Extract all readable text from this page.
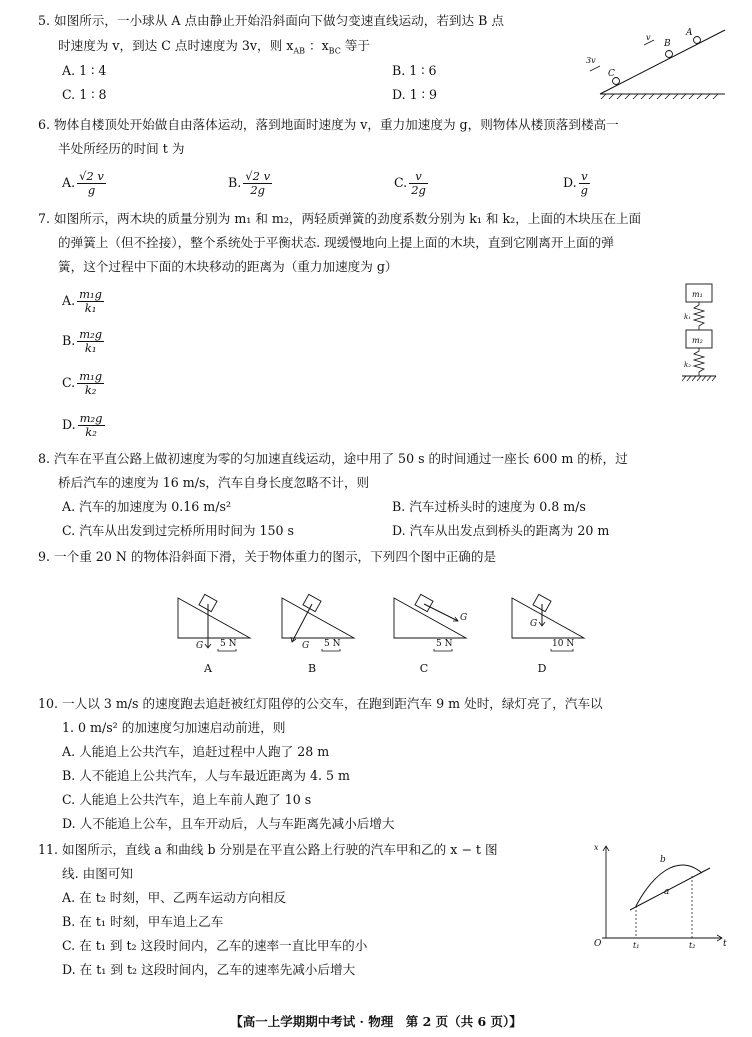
5. 如图所示，一小球从 A 点由静止开始沿斜面向下做匀变速直线运动，若到达 B 点
时速度为 v，到达 C 点时速度为 3v，则 $x_{AB}$ ：$x_{BC}$ 等于
A. 1 ∶ 4	B. 1 ∶ 6
C. 1 ∶ 8	D. 1 ∶ 9
A
B
C
v
3v
6. 物体自楼顶处开始做自由落体运动，落到地面时速度为 v，重力加速度为 g，则物体从楼顶落到楼高一
半处所经历的时间 t 为
A. $\frac{√2 v}{g}$	B. $\frac{√2 v}{2g}$	C. $\frac{v}{2g}$	D. $\frac{v}{g}$
7. 如图所示，两木块的质量分别为 m₁ 和 m₂，两轻质弹簧的劲度系数分别为 k₁ 和 k₂，上面的木块压在上面
的弹簧上（但不拴接），整个系统处于平衡状态. 现缓慢地向上提上面的木块，直到它刚离开上面的弹
簧，这个过程中下面的木块移动的距离为（重力加速度为 g）
A. $\frac{\text{m₁g}}{\text{k₁}}$
B. $\frac{\text{m₂g}}{\text{k₁}}$
C. $\frac{\text{m₁g}}{\text{k₂}}$
D. $\frac{\text{m₂g}}{\text{k₂}}$
m₁
k₁
m₂
k₂
8. 汽车在平直公路上做初速度为零的匀加速直线运动，途中用了 50 s 的时间通过一座长 600 m 的桥，过
桥后汽车的速度为 16 m/s，汽车自身长度忽略不计，则
A. 汽车的加速度为 0.16 m/s²	B. 汽车过桥头时的速度为 0.8 m/s
C. 汽车从出发到过完桥所用时间为 150 s	D. 汽车从出发点到桥头的距离为 20 m
9. 一个重 20 N 的物体沿斜面下滑，关于物体重力的图示，下列四个图中正确的是
G 5 N
A
G 5 N
B
G
5 N
C
G
10 N
D
10. 一人以 3 m/s 的速度跑去追赶被红灯阻停的公交车，在跑到距汽车 9 m 处时，绿灯亮了，汽车以
1. 0 m/s² 的加速度匀加速启动前进，则
A. 人能追上公共汽车，追赶过程中人跑了 28 m
B. 人不能追上公共汽车，人与车最近距离为 4. 5 m
C. 人能追上公共汽车，追上车前人跑了 10 s
D. 人不能追上公车，且车开动后，人与车距离先减小后增大
11. 如图所示，直线 a 和曲线 b 分别是在平直公路上行驶的汽车甲和乙的 x − t 图
线. 由图可知
A. 在 t₂ 时刻，甲、乙两车运动方向相反
B. 在 t₁ 时刻，甲车追上乙车
C. 在 t₁ 到 t₂ 这段时间内，乙车的速率一直比甲车的小
D. 在 t₁ 到 t₂ 这段时间内，乙车的速率先减小后增大
x
t
O
a
b
t₁	t₂
【高一上学期期中考试 · 物理　第 2 页（共 6 页）】
